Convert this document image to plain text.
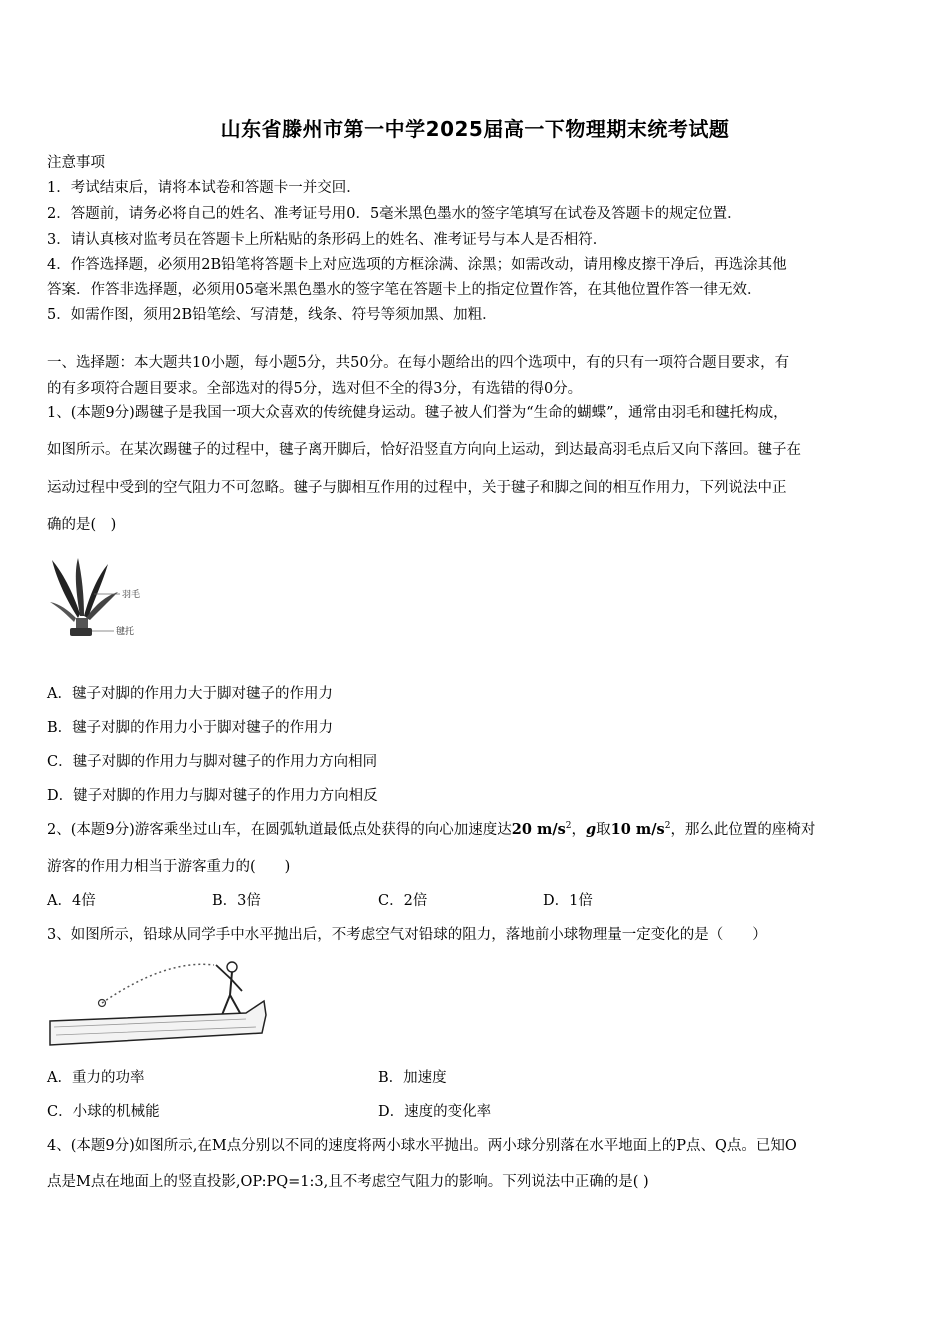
山东省滕州市第一中学2025届高一下物理期末统考试题
注意事项
1．考试结束后，请将本试卷和答题卡一并交回．
2．答题前，请务必将自己的姓名、准考证号用0．5毫米黑色墨水的签字笔填写在试卷及答题卡的规定位置．
3．请认真核对监考员在答题卡上所粘贴的条形码上的姓名、准考证号与本人是否相符．
4．作答选择题，必须用2B铅笔将答题卡上对应选项的方框涂满、涂黑；如需改动，请用橡皮擦干净后，再选涂其他
答案．作答非选择题，必须用05毫米黑色墨水的签字笔在答题卡上的指定位置作答，在其他位置作答一律无效．
5．如需作图，须用2B铅笔绘、写清楚，线条、符号等须加黑、加粗．
一、选择题：本大题共10小题，每小题5分，共50分。在每小题给出的四个选项中，有的只有一项符合题目要求，有
的有多项符合题目要求。全部选对的得5分，选对但不全的得3分，有选错的得0分。
1、(本题9分)踢毽子是我国一项大众喜欢的传统健身运动。毽子被人们誉为“生命的蝴蝶”，通常由羽毛和毽托构成，
如图所示。在某次踢毽子的过程中，毽子离开脚后，恰好沿竖直方向向上运动，到达最高羽毛点后又向下落回。毽子在
运动过程中受到的空气阻力不可忽略。毽子与脚相互作用的过程中，关于毽子和脚之间的相互作用力，下列说法中正
确的是(　)
羽毛
毽托
A．毽子对脚的作用力大于脚对毽子的作用力
B．毽子对脚的作用力小于脚对毽子的作用力
C．毽子对脚的作用力与脚对毽子的作用力方向相同
D．键子对脚的作用力与脚对毽子的作用力方向相反
2、(本题9分)游客乘坐过山车，在圆弧轨道最低点处获得的向心加速度达20 $m/s^2$，g取10 $m/s^2$，那么此位置的座椅对
游客的作用力相当于游客重力的(　　)
A．4倍	B．3倍	C．2倍	D．1倍
3、如图所示，铅球从同学手中水平抛出后，不考虑空气对铅球的阻力，落地前小球物理量一定变化的是（　　）
A．重力的功率	B．加速度
C．小球的机械能	D．速度的变化率
4、(本题9分)如图所示,在M点分别以不同的速度将两小球水平抛出。两小球分别落在水平地面上的P点、Q点。已知O
点是M点在地面上的竖直投影,OP:PQ=1:3,且不考虑空气阻力的影响。下列说法中正确的是( )
